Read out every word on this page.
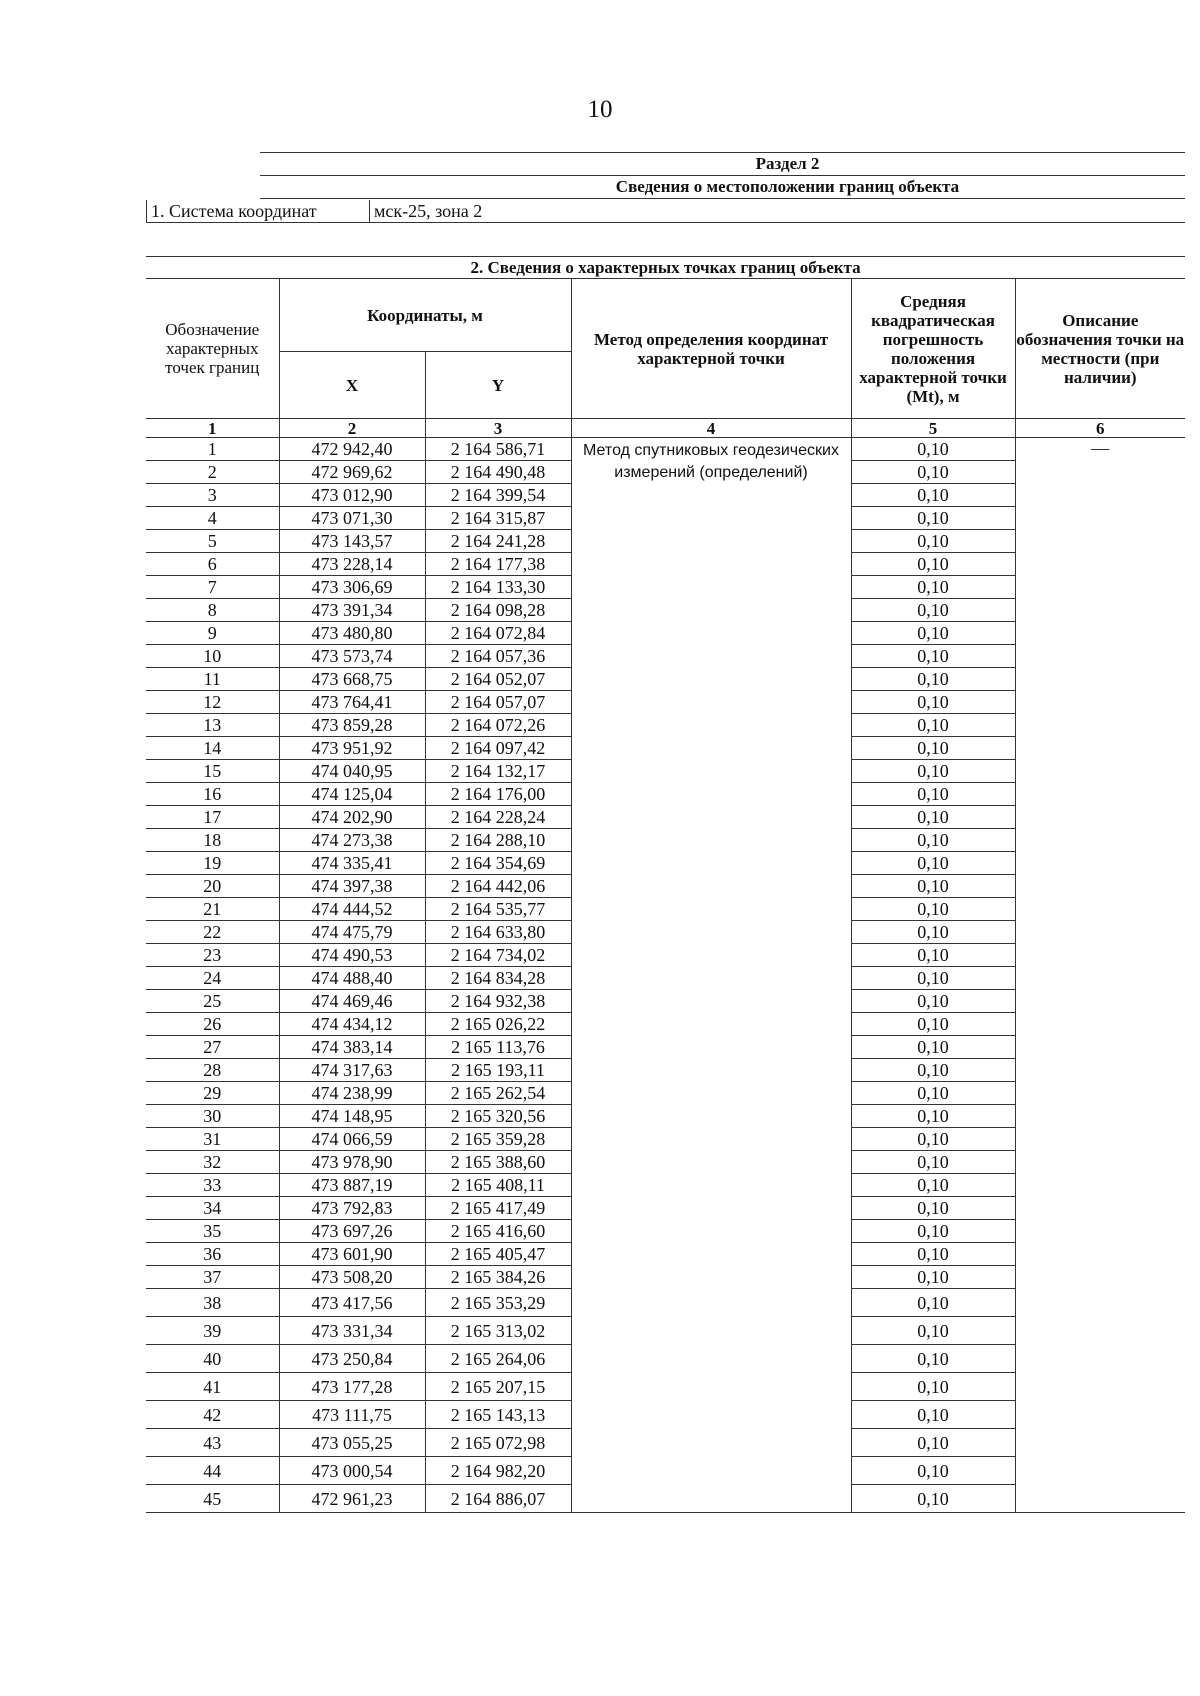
10
Раздел 2
Сведения о местоположении границ объекта
1. Система координат	мск-25, зона 2
2. Сведения о характерных точках границ объекта					
Обозначение характерных точек границ	Координаты, м		Метод определения координат характерной точки	Средняя квадратическая погрешность положения характерной точки (Mt), м	Описание обозначения точки на местности (при наличии)
	X	Y			
1	2	3	4	5	6
1	472 942,40	2 164 586,71	Метод спутниковых геодезических измерений (определений)	0,10	—
2	472 969,62	2 164 490,48		0,10	
3	473 012,90	2 164 399,54		0,10	
4	473 071,30	2 164 315,87		0,10	
5	473 143,57	2 164 241,28		0,10	
6	473 228,14	2 164 177,38		0,10	
7	473 306,69	2 164 133,30		0,10	
8	473 391,34	2 164 098,28		0,10	
9	473 480,80	2 164 072,84		0,10	
10	473 573,74	2 164 057,36		0,10	
11	473 668,75	2 164 052,07		0,10	
12	473 764,41	2 164 057,07		0,10	
13	473 859,28	2 164 072,26		0,10	
14	473 951,92	2 164 097,42		0,10	
15	474 040,95	2 164 132,17		0,10	
16	474 125,04	2 164 176,00		0,10	
17	474 202,90	2 164 228,24		0,10	
18	474 273,38	2 164 288,10		0,10	
19	474 335,41	2 164 354,69		0,10	
20	474 397,38	2 164 442,06		0,10	
21	474 444,52	2 164 535,77		0,10	
22	474 475,79	2 164 633,80		0,10	
23	474 490,53	2 164 734,02		0,10	
24	474 488,40	2 164 834,28		0,10	
25	474 469,46	2 164 932,38		0,10	
26	474 434,12	2 165 026,22		0,10	
27	474 383,14	2 165 113,76		0,10	
28	474 317,63	2 165 193,11		0,10	
29	474 238,99	2 165 262,54		0,10	
30	474 148,95	2 165 320,56		0,10	
31	474 066,59	2 165 359,28		0,10	
32	473 978,90	2 165 388,60		0,10	
33	473 887,19	2 165 408,11		0,10	
34	473 792,83	2 165 417,49		0,10	
35	473 697,26	2 165 416,60		0,10	
36	473 601,90	2 165 405,47		0,10	
37	473 508,20	2 165 384,26		0,10	
38	473 417,56	2 165 353,29		0,10	
39	473 331,34	2 165 313,02		0,10	
40	473 250,84	2 165 264,06		0,10	
41	473 177,28	2 165 207,15		0,10	
42	473 111,75	2 165 143,13		0,10	
43	473 055,25	2 165 072,98		0,10	
44	473 000,54	2 164 982,20		0,10	
45	472 961,23	2 164 886,07		0,10	
